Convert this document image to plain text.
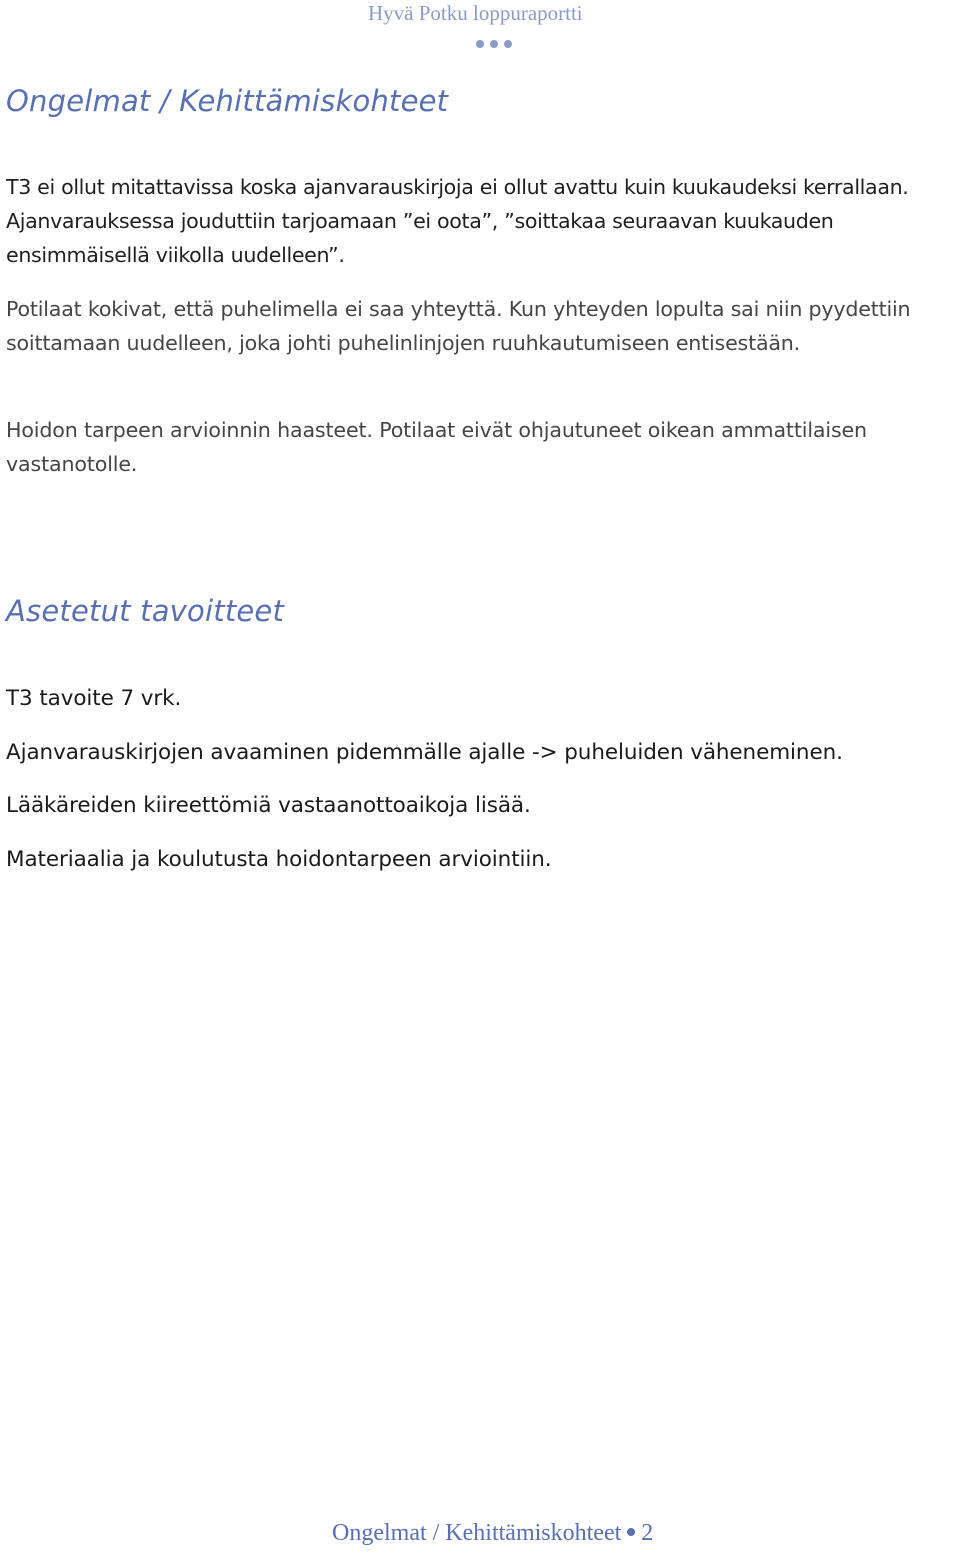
Hyvä Potku loppuraportti
Ongelmat / Kehittämiskohteet

T3 ei ollut mitattavissa koska ajanvarauskirjoja ei ollut avattu kuin kuukaudeksi kerrallaan. Ajanvarauksessa jouduttiin tarjoamaan ”ei oota”, ”soittakaa seuraavan kuukauden ensimmäisellä viikolla uudelleen”.

Potilaat kokivat, että puhelimella ei saa yhteyttä. Kun yhteyden lopulta sai niin pyydettiin soittamaan uudelleen, joka johti puhelinlinjojen ruuhkautumiseen entisestään.

Hoidon tarpeen arvioinnin haasteet. Potilaat eivät ohjautuneet oikean ammattilaisen vastanotolle.

Asetetut tavoitteet

T3 tavoite 7 vrk.

Ajanvarauskirjojen avaaminen pidemmälle ajalle -> puheluiden väheneminen.

Lääkäreiden kiireettömiä vastaanottoaikoja lisää.

Materiaalia ja koulutusta hoidontarpeen arviointiin.

Ongelmat / Kehittämiskohteet 2
